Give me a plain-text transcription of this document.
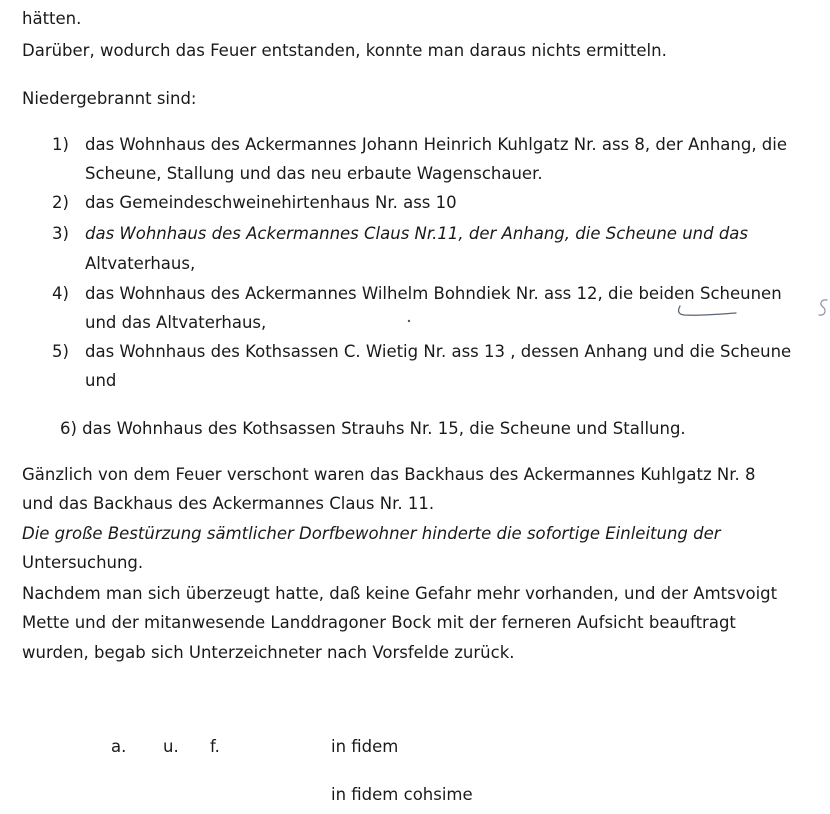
hätten.
Darüber, wodurch das Feuer entstanden, konnte man daraus nichts ermitteln.
Niedergebrannt sind:
1) das Wohnhaus des Ackermannes Johann Heinrich Kuhlgatz Nr. ass 8, der Anhang, die
Scheune, Stallung und das neu erbaute Wagenschauer.
2) das Gemeindeschweinehirtenhaus Nr. ass 10
3) das Wohnhaus des Ackermannes Claus Nr.11, der Anhang, die Scheune und das
Altvaterhaus,
4) das Wohnhaus des Ackermannes Wilhelm Bohndiek Nr. ass 12, die beiden Scheunen
und das Altvaterhaus,
5) das Wohnhaus des Kothsassen C. Wietig Nr. ass 13 , dessen Anhang und die Scheune
und
6) das Wohnhaus des Kothsassen Strauhs Nr. 15, die Scheune und Stallung.
Gänzlich von dem Feuer verschont waren das Backhaus des Ackermannes Kuhlgatz Nr. 8
und das Backhaus des Ackermannes Claus Nr. 11.
Die große Bestürzung sämtlicher Dorfbewohner hinderte die sofortige Einleitung der
Untersuchung.
Nachdem man sich überzeugt hatte, daß keine Gefahr mehr vorhanden, und der Amtsvoigt
Mette und der mitanwesende Landdragoner Bock mit der ferneren Aufsicht beauftragt
wurden, begab sich Unterzeichneter nach Vorsfelde zurück.
a. u. f.	in fidem
in fidem cohsime
